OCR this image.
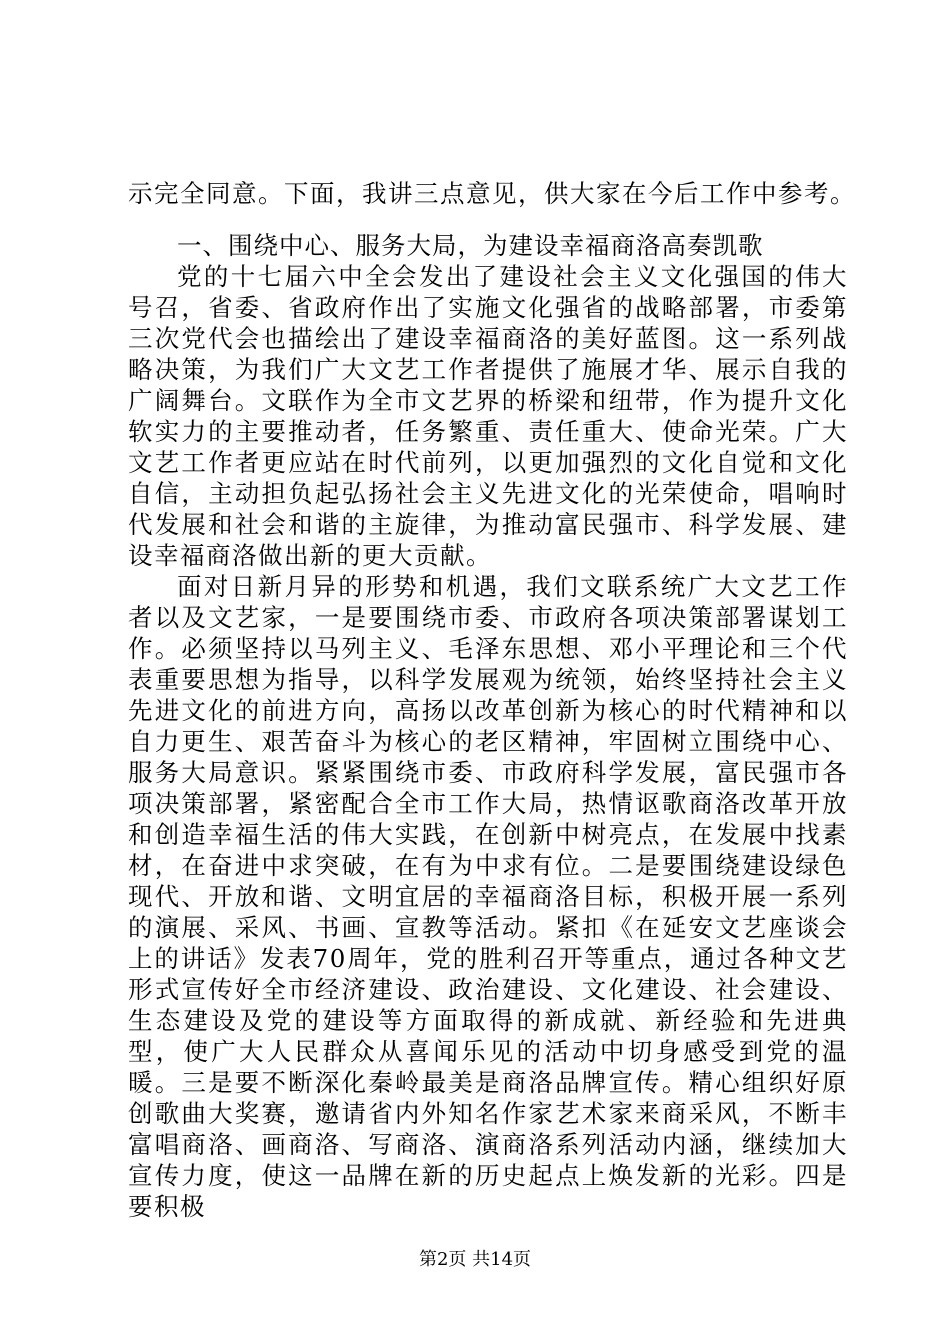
示完全同意。下面，我讲三点意见，供大家在今后工作中参考。

一、围绕中心、服务大局，为建设幸福商洛高奏凯歌

党的十七届六中全会发出了建设社会主义文化强国的伟大号召，省委、省政府作出了实施文化强省的战略部署，市委第三次党代会也描绘出了建设幸福商洛的美好蓝图。这一系列战略决策，为我们广大文艺工作者提供了施展才华、展示自我的广阔舞台。文联作为全市文艺界的桥梁和纽带，作为提升文化软实力的主要推动者，任务繁重、责任重大、使命光荣。广大文艺工作者更应站在时代前列，以更加强烈的文化自觉和文化自信，主动担负起弘扬社会主义先进文化的光荣使命，唱响时代发展和社会和谐的主旋律，为推动富民强市、科学发展、建设幸福商洛做出新的更大贡献。

面对日新月异的形势和机遇，我们文联系统广大文艺工作者以及文艺家，一是要围绕市委、市政府各项决策部署谋划工作。必须坚持以马列主义、毛泽东思想、邓小平理论和三个代表重要思想为指导，以科学发展观为统领，始终坚持社会主义先进文化的前进方向，高扬以改革创新为核心的时代精神和以自力更生、艰苦奋斗为核心的老区精神，牢固树立围绕中心、服务大局意识。紧紧围绕市委、市政府科学发展，富民强市各项决策部署，紧密配合全市工作大局，热情讴歌商洛改革开放和创造幸福生活的伟大实践，在创新中树亮点，在发展中找素材，在奋进中求突破，在有为中求有位。二是要围绕建设绿色现代、开放和谐、文明宜居的幸福商洛目标，积极开展一系列的演展、采风、书画、宣教等活动。紧扣《在延安文艺座谈会上的讲话》发表70周年，党的胜利召开等重点，通过各种文艺形式宣传好全市经济建设、政治建设、文化建设、社会建设、生态建设及党的建设等方面取得的新成就、新经验和先进典型，使广大人民群众从喜闻乐见的活动中切身感受到党的温暖。三是要不断深化秦岭最美是商洛品牌宣传。精心组织好原创歌曲大奖赛，邀请省内外知名作家艺术家来商采风，不断丰富唱商洛、画商洛、写商洛、演商洛系列活动内涵，继续加大宣传力度，使这一品牌在新的历史起点上焕发新的光彩。四是要积极

第2页 共14页
